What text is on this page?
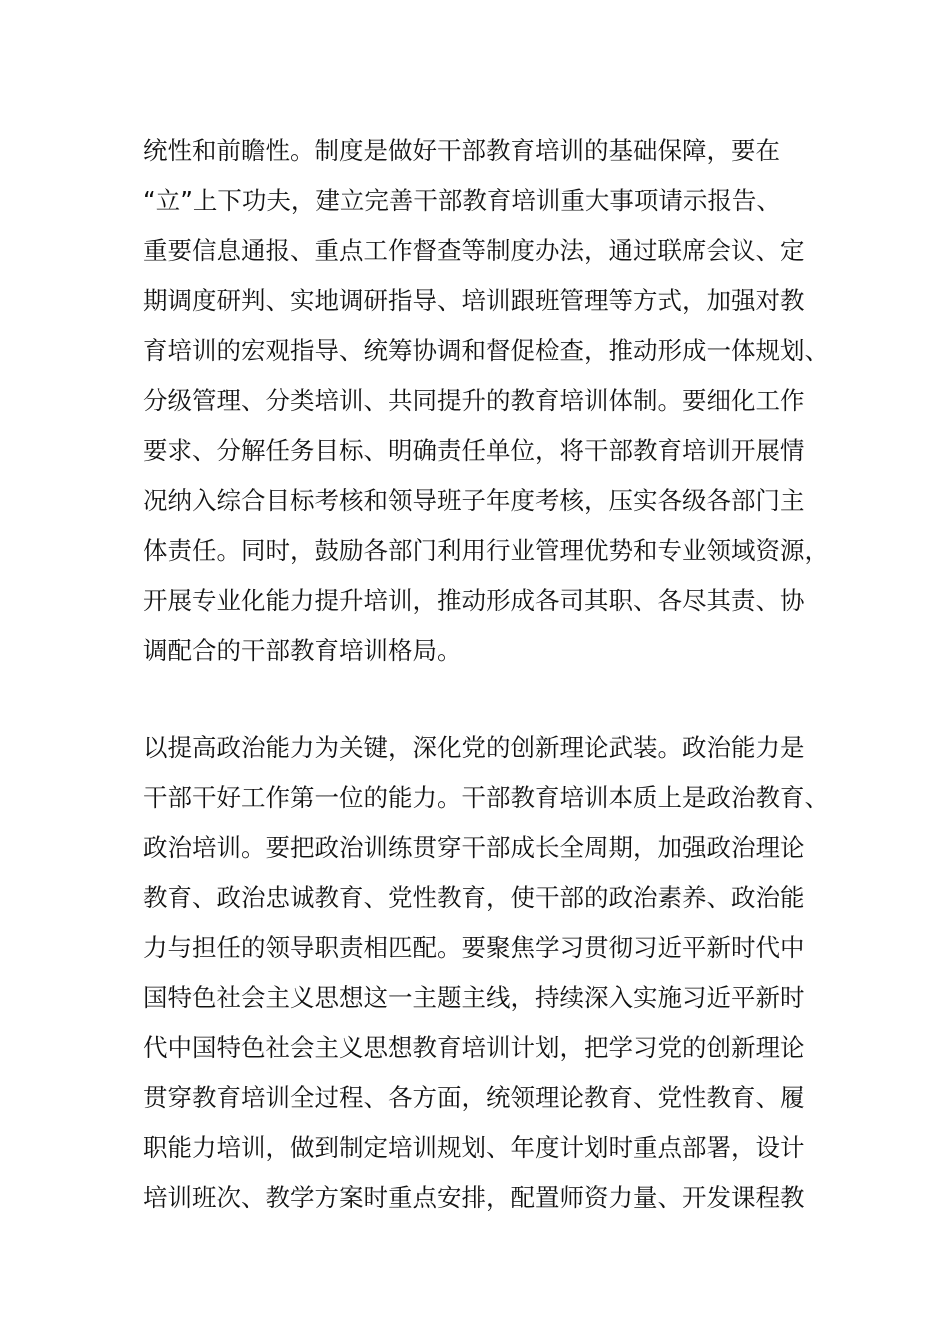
统性和前瞻性。制度是做好干部教育培训的基础保障，要在
“立”上下功夫，建立完善干部教育培训重大事项请示报告、
重要信息通报、重点工作督查等制度办法，通过联席会议、定
期调度研判、实地调研指导、培训跟班管理等方式，加强对教
育培训的宏观指导、统筹协调和督促检查，推动形成一体规划、
分级管理、分类培训、共同提升的教育培训体制。要细化工作
要求、分解任务目标、明确责任单位，将干部教育培训开展情
况纳入综合目标考核和领导班子年度考核，压实各级各部门主
体责任。同时，鼓励各部门利用行业管理优势和专业领域资源，
开展专业化能力提升培训，推动形成各司其职、各尽其责、协
调配合的干部教育培训格局。
以提高政治能力为关键，深化党的创新理论武装。政治能力是
干部干好工作第一位的能力。干部教育培训本质上是政治教育、
政治培训。要把政治训练贯穿干部成长全周期，加强政治理论
教育、政治忠诚教育、党性教育，使干部的政治素养、政治能
力与担任的领导职责相匹配。要聚焦学习贯彻习近平新时代中
国特色社会主义思想这一主题主线，持续深入实施习近平新时
代中国特色社会主义思想教育培训计划，把学习党的创新理论
贯穿教育培训全过程、各方面，统领理论教育、党性教育、履
职能力培训，做到制定培训规划、年度计划时重点部署，设计
培训班次、教学方案时重点安排，配置师资力量、开发课程教
